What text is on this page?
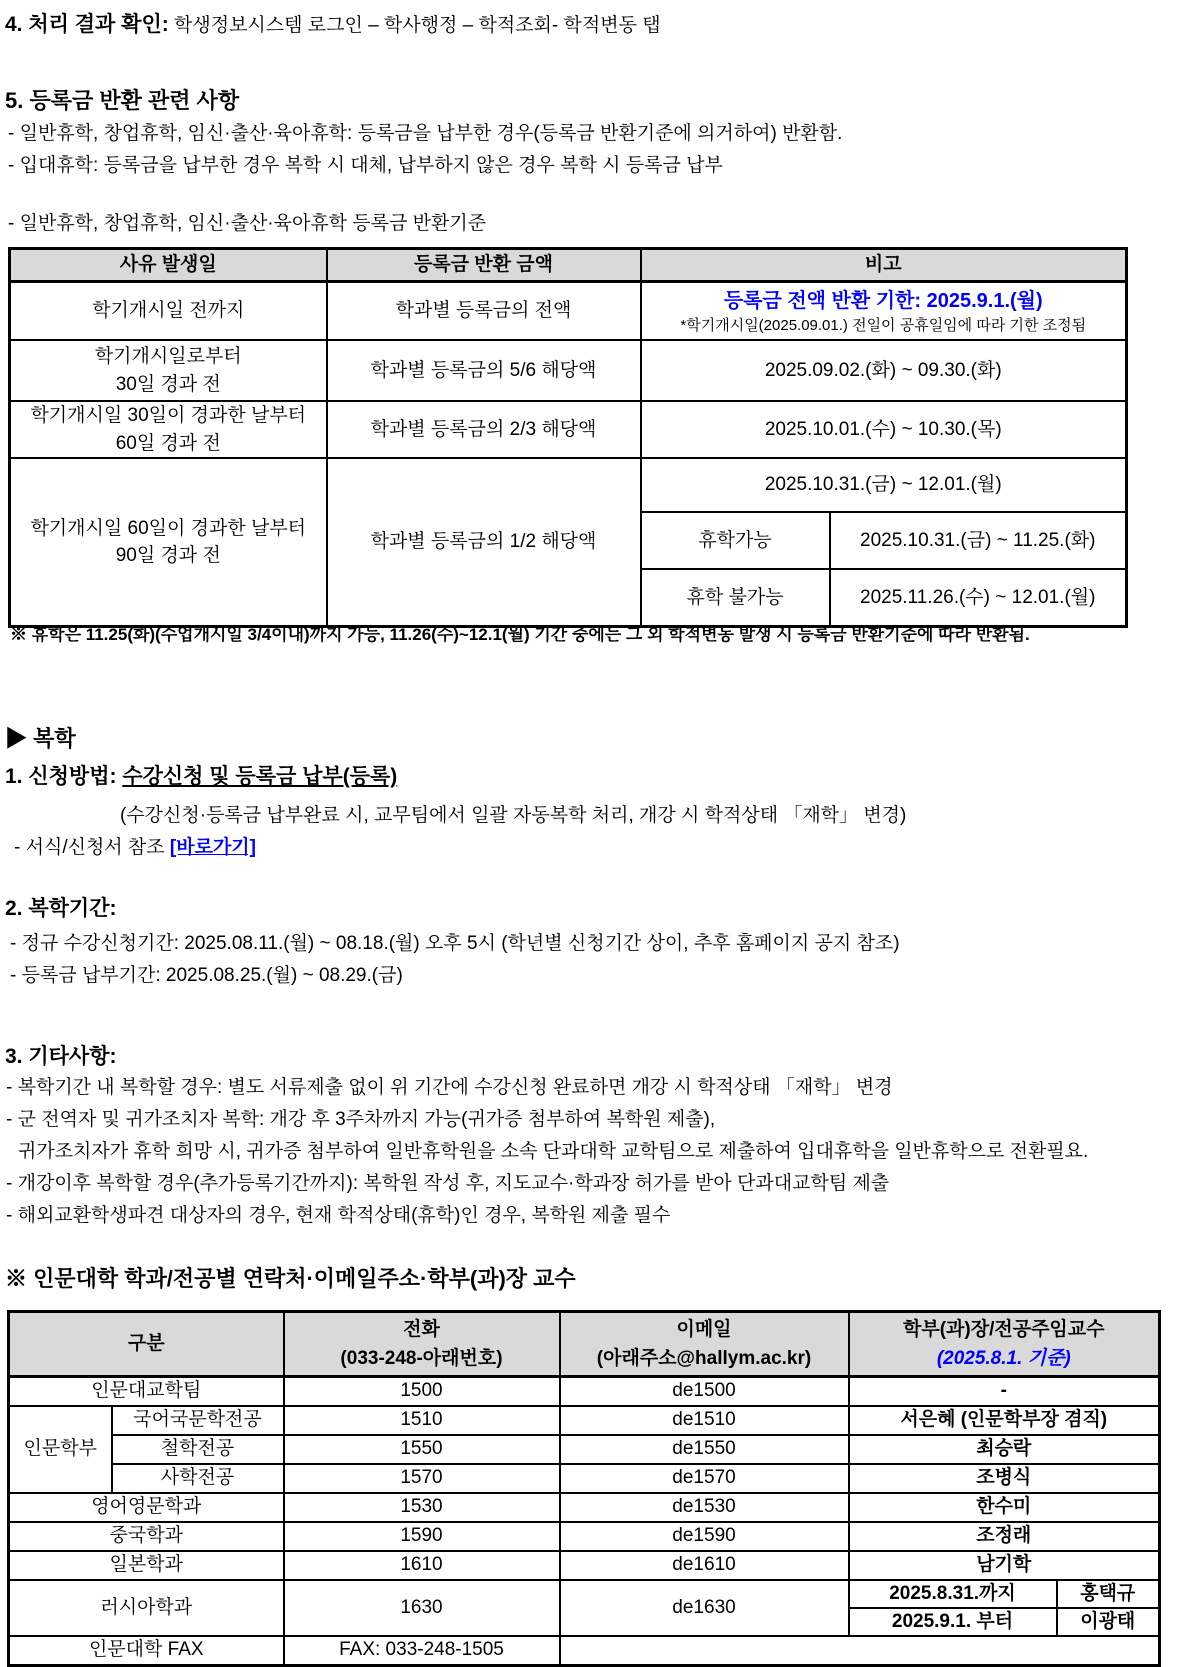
4. 처리 결과 확인: 학생정보시스템 로그인 – 학사행정 – 학적조회- 학적변동 탭
5. 등록금 반환 관련 사항
- 일반휴학, 창업휴학, 임신·출산·육아휴학: 등록금을 납부한 경우(등록금 반환기준에 의거하여) 반환함.
- 입대휴학: 등록금을 납부한 경우 복학 시 대체, 납부하지 않은 경우 복학 시 등록금 납부
- 일반휴학, 창업휴학, 임신·출산·육아휴학 등록금 반환기준
사유 발생일	등록금 반환 금액	비고	
학기개시일 전까지	학과별 등록금의 전액	등록금 전액 반환 기한: 2025.9.1.(월)
*학기개시일(2025.09.01.) 전일이 공휴일임에 따라 기한 조정됨	

학기개시일로부터
30일 경과 전	학과별 등록금의 5/6 해당액	2025.09.02.(화) ~ 09.30.(화)	

학기개시일 30일이 경과한 날부터
60일 경과 전	학과별 등록금의 2/3 해당액	2025.10.01.(수) ~ 10.30.(목)	

학기개시일 60일이 경과한 날부터
90일 경과 전	학과별 등록금의 1/2 해당액	2025.10.31.(금) ~ 12.01.(월)	
		휴학가능	2025.10.31.(금) ~ 11.25.(화)
		휴학 불가능	2025.11.26.(수) ~ 12.01.(월)
※ 휴학은 11.25(화)(수업개시일 3/4이내)까지 가능, 11.26(수)~12.1(월) 기간 중에는 그 외 학적변동 발생 시 등록금 반환기준에 따라 반환됨.
▶ 복학
1. 신청방법: 수강신청 및 등록금 납부(등록)
(수강신청·등록금 납부완료 시, 교무팀에서 일괄 자동복학 처리, 개강 시 학적상태 「재학」 변경)
- 서식/신청서 참조 [바로가기]
2. 복학기간:
- 정규 수강신청기간: 2025.08.11.(월) ~ 08.18.(월) 오후 5시 (학년별 신청기간 상이, 추후 홈페이지 공지 참조)
- 등록금 납부기간: 2025.08.25.(월) ~ 08.29.(금)
3. 기타사항:
- 복학기간 내 복학할 경우: 별도 서류제출 없이 위 기간에 수강신청 완료하면 개강 시 학적상태 「재학」 변경
- 군 전역자 및 귀가조치자 복학: 개강 후 3주차까지 가능(귀가증 첨부하여 복학원 제출),
귀가조치자가 휴학 희망 시, 귀가증 첨부하여 일반휴학원을 소속 단과대학 교학팀으로 제출하여 입대휴학을 일반휴학으로 전환필요.
- 개강이후 복학할 경우(추가등록기간까지): 복학원 작성 후, 지도교수·학과장 허가를 받아 단과대교학팀 제출
- 해외교환학생파견 대상자의 경우, 현재 학적상태(휴학)인 경우, 복학원 제출 필수
※ 인문대학 학과/전공별 연락처·이메일주소·학부(과)장 교수
구분	
전화
(033-248-아래번호)

이메일
(아래주소@hallym.ac.kr)

학부(과)장/전공주임교수
(2025.8.1. 기준)

인문대교학팀		1500	de1500	-	
인문학부	국어국문학전공	1510	de1510	서은혜 (인문학부장 겸직)	
	철학전공	1550	de1550	최승락	
	사학전공	1570	de1570	조병식	
영어영문학과		1530	de1530	한수미	
중국학과		1590	de1590	조정래	
일본학과		1610	de1610	남기학	
러시아학과		1630	de1630	2025.8.31.까지	홍택규
				2025.9.1. 부터	이광태
인문대학 FAX		FAX: 033-248-1505			
